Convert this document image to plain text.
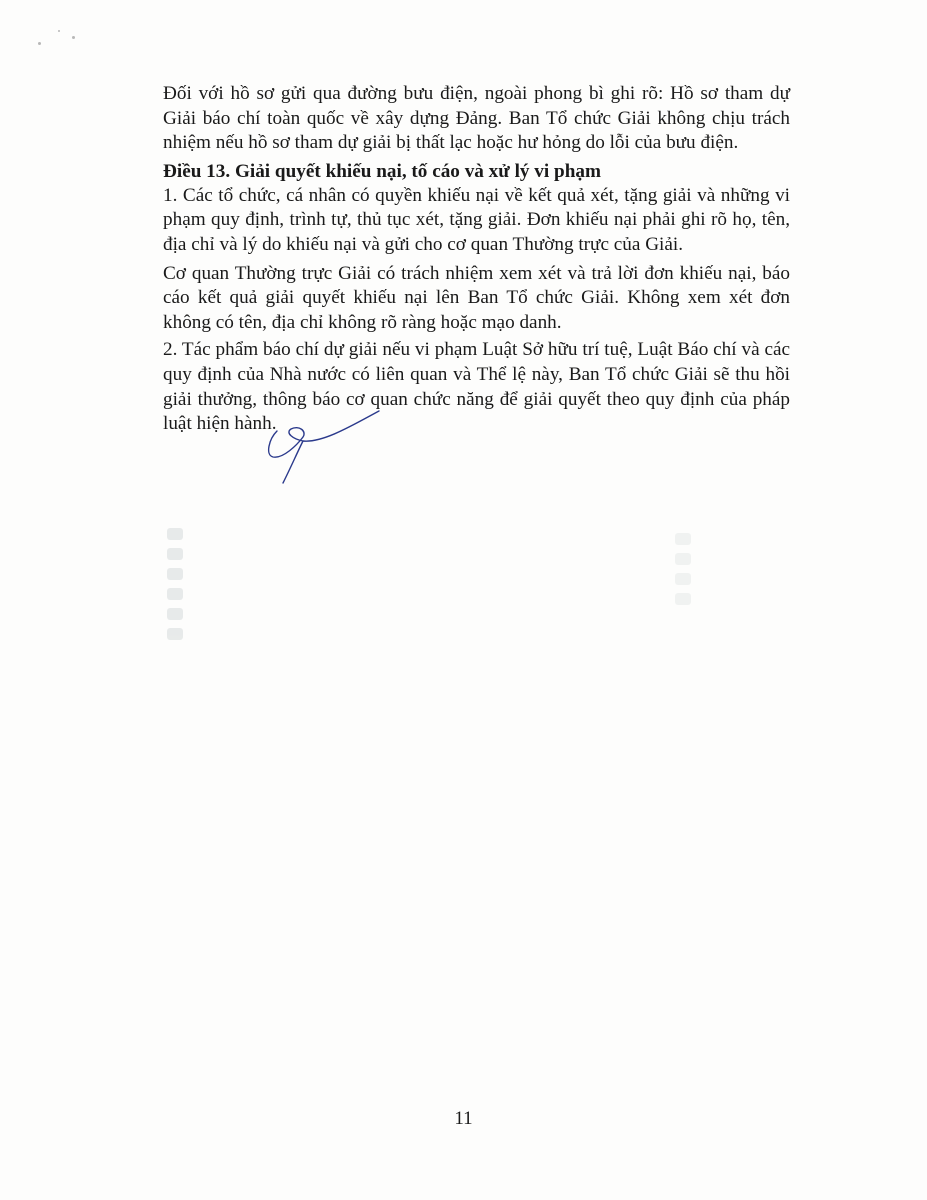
Đối với hồ sơ gửi qua đường bưu điện, ngoài phong bì ghi rõ: Hồ sơ tham dự Giải báo chí toàn quốc về xây dựng Đảng. Ban Tổ chức Giải không chịu trách nhiệm nếu hồ sơ tham dự giải bị thất lạc hoặc hư hỏng do lỗi của bưu điện.

Điều 13. Giải quyết khiếu nại, tố cáo và xử lý vi phạm

1. Các tổ chức, cá nhân có quyền khiếu nại về kết quả xét, tặng giải và những vi phạm quy định, trình tự, thủ tục xét, tặng giải. Đơn khiếu nại phải ghi rõ họ, tên, địa chỉ và lý do khiếu nại và gửi cho cơ quan Thường trực của Giải.

Cơ quan Thường trực Giải có trách nhiệm xem xét và trả lời đơn khiếu nại, báo cáo kết quả giải quyết khiếu nại lên Ban Tổ chức Giải. Không xem xét đơn không có tên, địa chỉ không rõ ràng hoặc mạo danh.

2. Tác phẩm báo chí dự giải nếu vi phạm Luật Sở hữu trí tuệ, Luật Báo chí và các quy định của Nhà nước có liên quan và Thể lệ này, Ban Tổ chức Giải sẽ thu hồi giải thưởng, thông báo cơ quan chức năng để giải quyết theo quy định của pháp luật hiện hành.

11
